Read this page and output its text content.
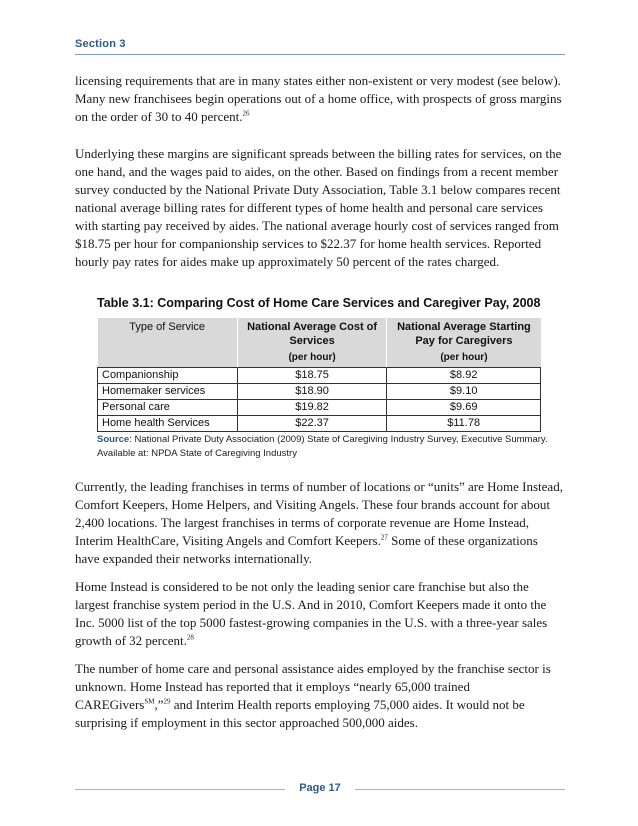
Section 3

licensing requirements that are in many states either non-existent or very modest (see below). Many new franchisees begin operations out of a home office, with prospects of gross margins on the order of 30 to 40 percent.$^{26}$

Underlying these margins are significant spreads between the billing rates for services, on the one hand, and the wages paid to aides, on the other. Based on findings from a recent member survey conducted by the National Private Duty Association, Table 3.1 below compares recent national average billing rates for different types of home health and personal care services with starting pay received by aides. The national average hourly cost of services ranged from $18.75 per hour for companionship services to $22.37 for home health services. Reported hourly pay rates for aides make up approximately 50 percent of the rates charged.

Table 3.1: Comparing Cost of Home Care Services and Caregiver Pay, 2008
Type of Service	National Average Cost of Services	National Average Starting Pay for Caregivers
	(per hour)	(per hour)
Companionship	$18.75	$8.92
Homemaker services	$18.90	$9.10
Personal care	$19.82	$9.69
Home health Services	$22.37	$11.78

Source: National Private Duty Association (2009) State of Caregiving Industry Survey, Executive Summary. Available at: NPDA State of Caregiving Industry

Currently, the leading franchises in terms of number of locations or “units” are Home Instead, Comfort Keepers, Home Helpers, and Visiting Angels. These four brands account for about 2,400 locations. The largest franchises in terms of corporate revenue are Home Instead, Interim HealthCare, Visiting Angels and Comfort Keepers.$^{27}$ Some of these organizations have expanded their networks internationally.

Home Instead is considered to be not only the leading senior care franchise but also the largest franchise system period in the U.S. And in 2010, Comfort Keepers made it onto the Inc. 5000 list of the top 5000 fastest-growing companies in the U.S. with a three-year sales growth of 32 percent.$^{28}$

The number of home care and personal assistance aides employed by the franchise sector is unknown. Home Instead has reported that it employs “nearly 65,000 trained CAREGivers℠,”$^{29}$ and Interim Health reports employing 75,000 aides. It would not be surprising if employment in this sector approached 500,000 aides.

Page 17
